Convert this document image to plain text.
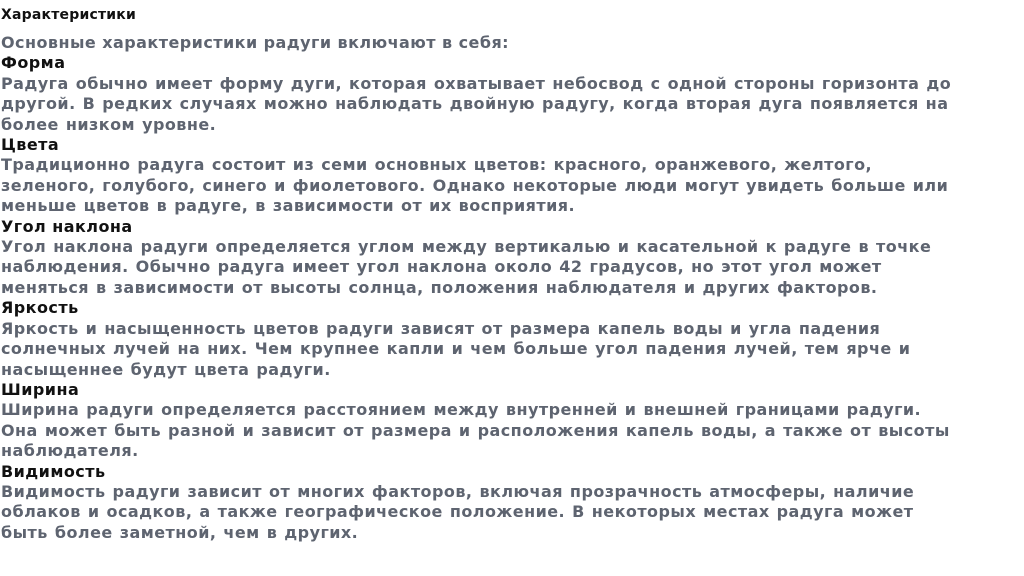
Характеристики
Основные характеристики радуги включают в себя:
Форма
Радуга обычно имеет форму дуги, которая охватывает небосвод с одной стороны горизонта до
другой. В редких случаях можно наблюдать двойную радугу, когда вторая дуга появляется на
более низком уровне.
Цвета
Традиционно радуга состоит из семи основных цветов: красного, оранжевого, желтого,
зеленого, голубого, синего и фиолетового. Однако некоторые люди могут увидеть больше или
меньше цветов в радуге, в зависимости от их восприятия.
Угол наклона
Угол наклона радуги определяется углом между вертикалью и касательной к радуге в точке
наблюдения. Обычно радуга имеет угол наклона около 42 градусов, но этот угол может
меняться в зависимости от высоты солнца, положения наблюдателя и других факторов.
Яркость
Яркость и насыщенность цветов радуги зависят от размера капель воды и угла падения
солнечных лучей на них. Чем крупнее капли и чем больше угол падения лучей, тем ярче и
насыщеннее будут цвета радуги.
Ширина
Ширина радуги определяется расстоянием между внутренней и внешней границами радуги.
Она может быть разной и зависит от размера и расположения капель воды, а также от высоты
наблюдателя.
Видимость
Видимость радуги зависит от многих факторов, включая прозрачность атмосферы, наличие
облаков и осадков, а также географическое положение. В некоторых местах радуга может
быть более заметной, чем в других.
